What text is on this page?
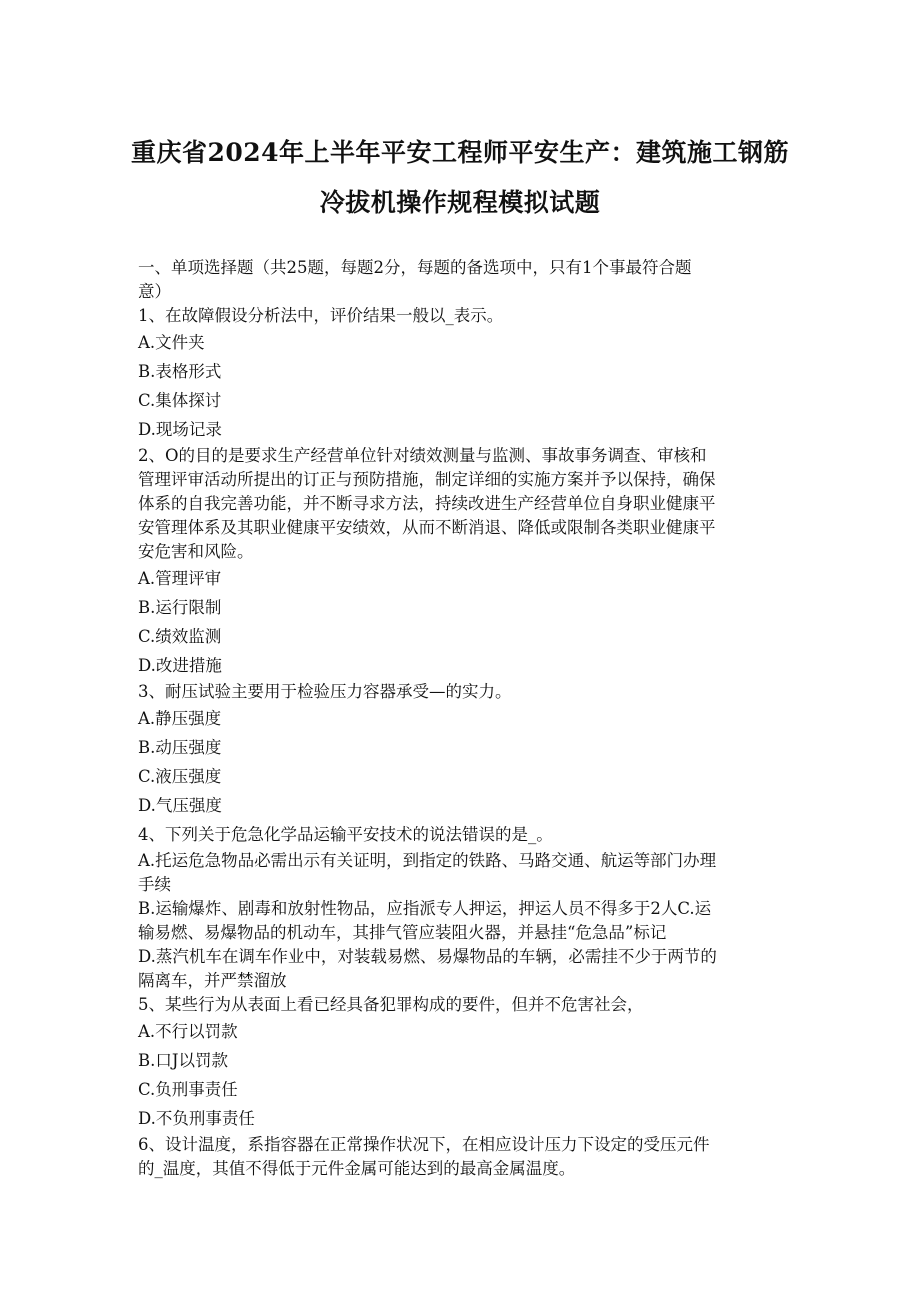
重庆省2024年上半年平安工程师平安生产：建筑施工钢筋
冷拔机操作规程模拟试题
一、单项选择题（共25题，每题2分，每题的备选项中，只有1个事最符合题
意）
1、在故障假设分析法中，评价结果一般以_表示。
A.文件夹
B.表格形式
C.集体探讨
D.现场记录
2、O的目的是要求生产经营单位针对绩效测量与监测、事故事务调查、审核和
管理评审活动所提出的订正与预防措施，制定详细的实施方案并予以保持，确保
体系的自我完善功能，并不断寻求方法，持续改进生产经营单位自身职业健康平
安管理体系及其职业健康平安绩效，从而不断消退、降低或限制各类职业健康平
安危害和风险。
A.管理评审
B.运行限制
C.绩效监测
D.改进措施
3、耐压试验主要用于检验压力容器承受—的实力。
A.静压强度
B.动压强度
C.液压强度
D.气压强度
4、下列关于危急化学品运输平安技术的说法错误的是_。
A.托运危急物品必需出示有关证明，到指定的铁路、马路交通、航运等部门办理
手续
B.运输爆炸、剧毒和放射性物品，应指派专人押运，押运人员不得多于2人C.运
输易燃、易爆物品的机动车，其排气管应装阻火器，并悬挂“危急品”标记
D.蒸汽机车在调车作业中，对装载易燃、易爆物品的车辆，必需挂不少于两节的
隔离车，并严禁溜放
5、某些行为从表面上看已经具备犯罪构成的要件，但并不危害社会，
A.不行以罚款
B.口J以罚款
C.负刑事责任
D.不负刑事责任
6、设计温度，系指容器在正常操作状况下，在相应设计压力下设定的受压元件
的_温度，其值不得低于元件金属可能达到的最高金属温度。
